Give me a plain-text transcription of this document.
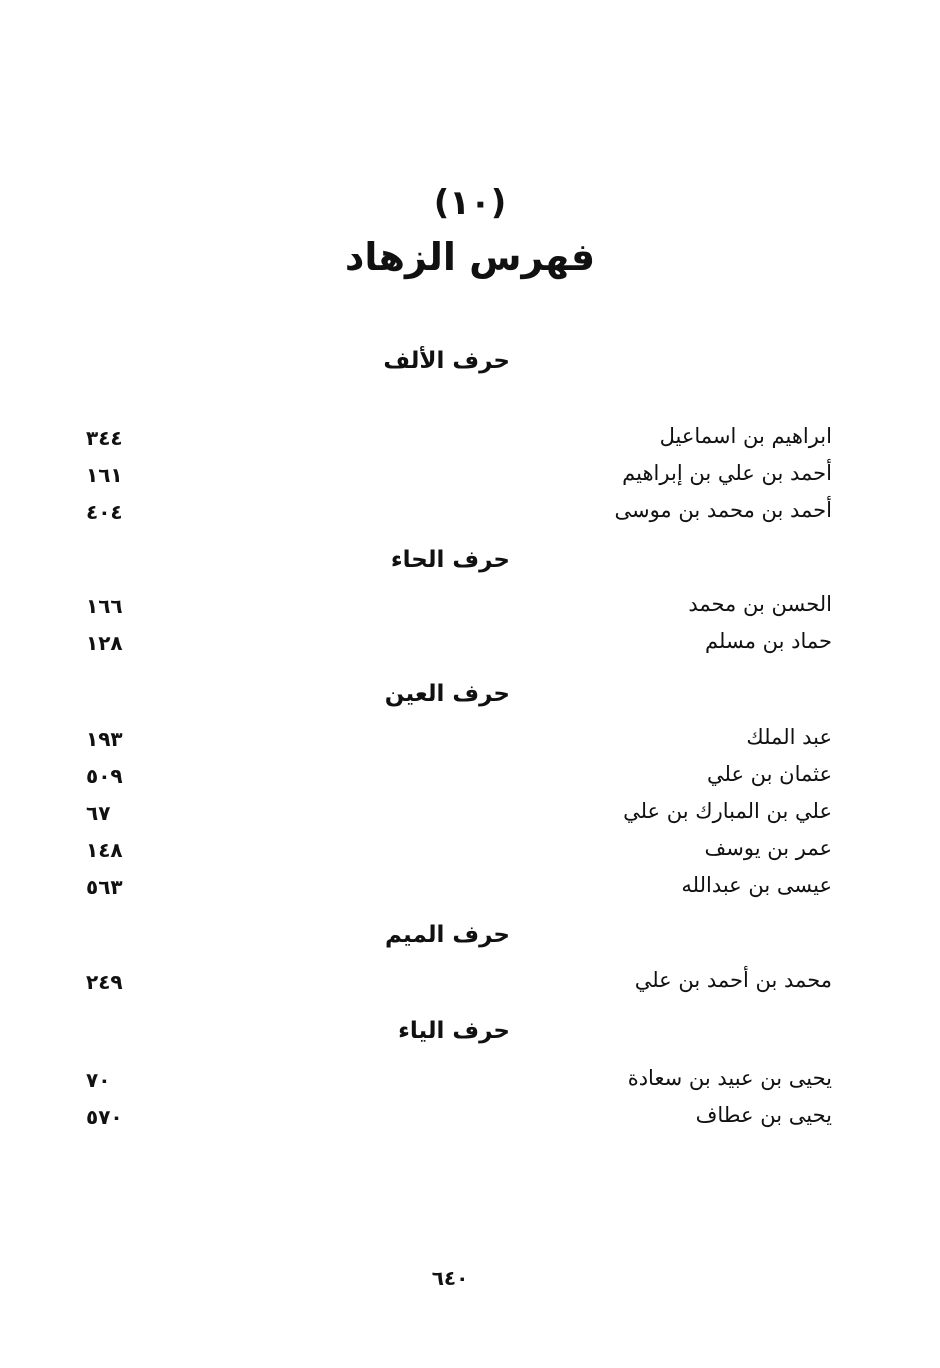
(١٠)
فهرس الزهاد
حرف الألف
ابراهيم بن اسماعيل
٣٤٤
أحمد بن علي بن إبراهيم
١٦١
أحمد بن محمد بن موسى
٤٠٤
حرف الحاء
الحسن بن محمد
١٦٦
حماد بن مسلم
١٢٨
حرف العين
عبد الملك
١٩٣
عثمان بن علي
٥٠٩
علي بن المبارك بن علي
٦٧
عمر بن يوسف
١٤٨
عيسى بن عبدالله
٥٦٣
حرف الميم
محمد بن أحمد بن علي
٢٤٩
حرف الياء
يحيى بن عبيد بن سعادة
٧٠
يحيى بن عطاف
٥٧٠
٦٤٠
